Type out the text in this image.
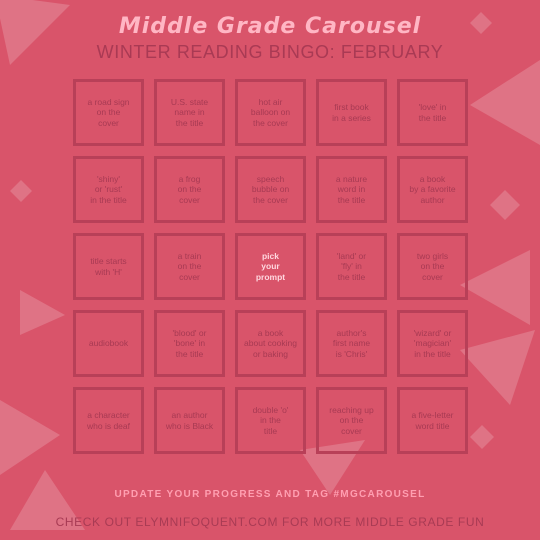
Middle Grade Carousel
WINTER READING BINGO: FEBRUARY
a road sign
on the
cover
U.S. state
name in
the title
hot air
balloon on
the cover
first book
in a series
'love' in
the title
'shiny'
or 'rust'
in the title
a frog
on the
cover
speech
bubble on
the cover
a nature
word in
the title
a book
by a favorite
author
title starts
with 'H'
a train
on the
cover
pick
your
prompt
'land' or
'fly' in
the title
two girls
on the
cover
audiobook
'blood' or
'bone' in
the title
a book
about cooking
or baking
author's
first name
is 'Chris'
'wizard' or
'magician'
in the title
a character
who is deaf
an author
who is Black
double 'o'
in the
title
reaching up
on the
cover
a five-letter
word title
UPDATE YOUR PROGRESS AND TAG #MGCAROUSEL
CHECK OUT ELYMNIFOQUENT.COM FOR MORE MIDDLE GRADE FUN
